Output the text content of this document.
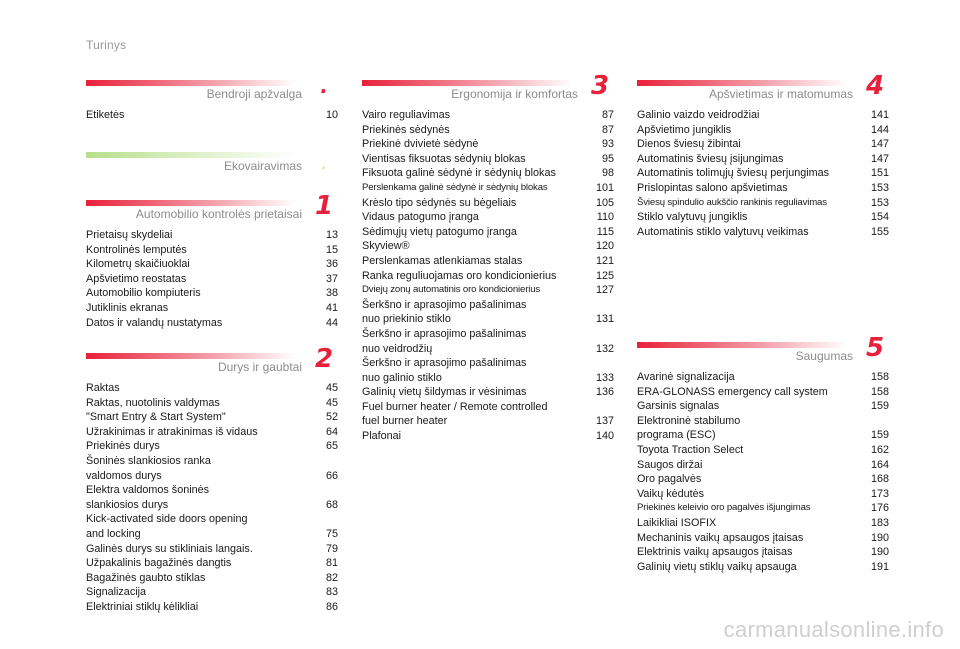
Turinys
Bendroji apžvalga .
Etiketės	10
Ekovairavimas	.
Automobilio kontrolės prietaisai 1
Prietaisų skydeliai	13
Kontrolinės lemputės	15
Kilometrų skaičiuoklai	36
Apšvietimo reostatas	37
Automobilio kompiuteris	38
Jutiklinis ekranas	41
Datos ir valandų nustatymas	44
Durys ir gaubtai 2
Raktas	45
Raktas, nuotolinis valdymas	45
"Smart Entry & Start System"	52
Užrakinimas ir atrakinimas iš vidaus	64
Priekinės durys	65
Šoninės slankiosios ranka
valdomos durys	66
Elektra valdomos šoninės
slankiosios durys	68
Kick-activated side doors opening
and locking	75
Galinės durys su stikliniais langais.	79
Užpakalinis bagažinės dangtis	81
Bagažinės gaubto stiklas	82
Signalizacija	83
Elektriniai stiklų kėlikliai	86
Ergonomija ir komfortas 3
Vairo reguliavimas	87
Priekinės sėdynės	87
Priekinė dvivietė sėdynė	93
Vientisas fiksuotas sėdynių blokas	95
Fiksuota galinė sėdynė ir sėdynių blokas	98
Perslenkama galinė sėdynė ir sėdynių blokas	101
Krėslo tipo sėdynės su bėgeliais	105
Vidaus patogumo įranga	110
Sėdimųjų vietų patogumo įranga	115
Skyview®	120
Perslenkamas atlenkiamas stalas	121
Ranka reguliuojamas oro kondicionierius	125
Dviejų zonų automatinis oro kondicionierius	127
Šerkšno ir aprasojimo pašalinimas
nuo priekinio stiklo	131
Šerkšno ir aprasojimo pašalinimas
nuo veidrodžių	132
Šerkšno ir aprasojimo pašalinimas
nuo galinio stiklo	133
Galinių vietų šildymas ir vėsinimas	136
Fuel burner heater / Remote controlled
fuel burner heater	137
Plafonai	140
Apšvietimas ir matomumas 4
Galinio vaizdo veidrodžiai	141
Apšvietimo jungiklis	144
Dienos šviesų žibintai	147
Automatinis šviesų įsijungimas	147
Automatinis tolimųjų šviesų perjungimas	151
Prislopintas salono apšvietimas	153
Šviesų spindulio aukščio rankinis reguliavimas	153
Stiklo valytuvų jungiklis	154
Automatinis stiklo valytuvų veikimas	155
Saugumas 5
Avarinė signalizacija	158
ERA-GLONASS emergency call system	158
Garsinis signalas	159
Elektroninė stabilumo
programa (ESC)	159
Toyota Traction Select	162
Saugos diržai	164
Oro pagalvės	168
Vaikų kėdutės	173
Priekinės keleivio oro pagalvės išjungimas	176
Laikikliai ISOFIX	183
Mechaninis vaikų apsaugos įtaisas	190
Elektrinis vaikų apsaugos įtaisas	190
Galinių vietų stiklų vaikų apsauga	191
carmanualsonline.info
